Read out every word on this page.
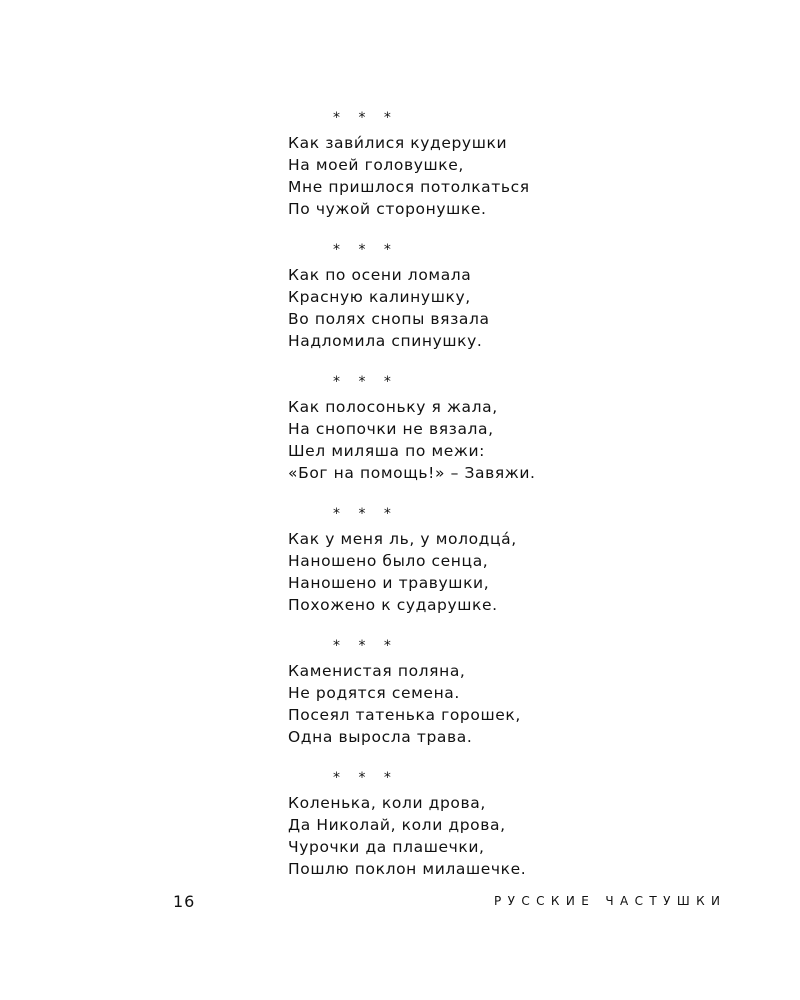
* * *
Как зави́лися кудерушки
На моей головушке,
Мне пришлося потолкаться
По чужой сторонушке.
* * *
Как по осени ломала
Красную калинушку,
Во полях снопы вязала
Надломила спинушку.
* * *
Как полосоньку я жала,
На снопочки не вязала,
Шел миляша по межи:
«Бог на помощь!» – Завяжи.
* * *
Как у меня ль, у молодца́,
Наношено было сенца,
Наношено и травушки,
Похожено к сударушке.
* * *
Каменистая поляна,
Не родятся семена.
Посеял татенька горошек,
Одна выросла трава.
* * *
Коленька, коли дрова,
Да Николай, коли дрова,
Чурочки да плашечки,
Пошлю поклон милашечке.
16	РУССКИЕ ЧАСТУШКИ
